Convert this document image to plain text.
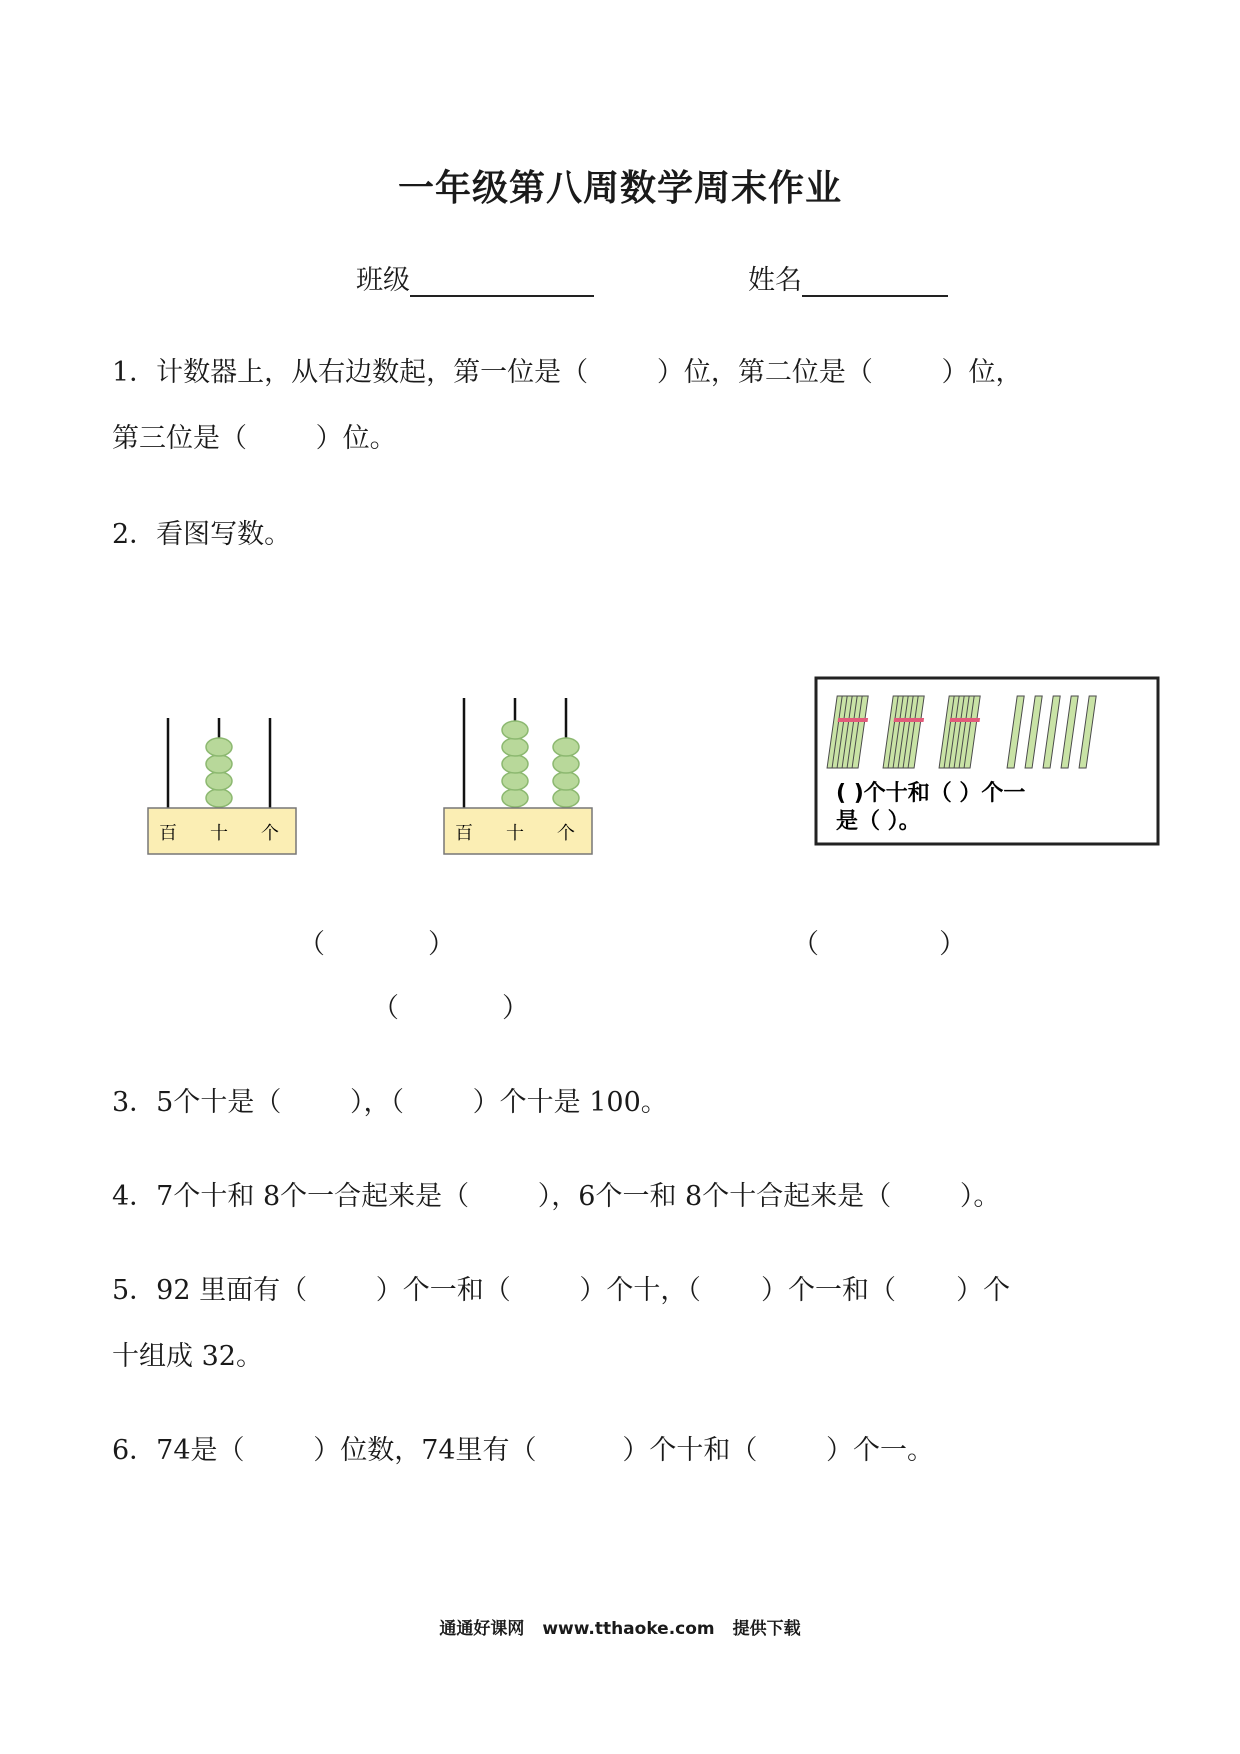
一年级第八周数学周末作业
班级	姓名
1．计数器上，从右边数起，第一位是（        ）位，第二位是（        ）位，
第三位是（        ）位。
2．看图写数。
百 十 个	百 十 个
( )个十和（ ）个一
是（ ）。
（            ）	（              ）
（            ）
3．5个十是（        ），（        ）个十是 100。
4．7个十和 8个一合起来是（        ），6个一和 8个十合起来是（        ）。
5．92 里面有（        ）个一和（        ）个十，（       ）个一和（       ）个
十组成 32。
6．74是（        ）位数，74里有（          ）个十和（        ）个一。
通通好课网 www.tthaoke.com 提供下载
